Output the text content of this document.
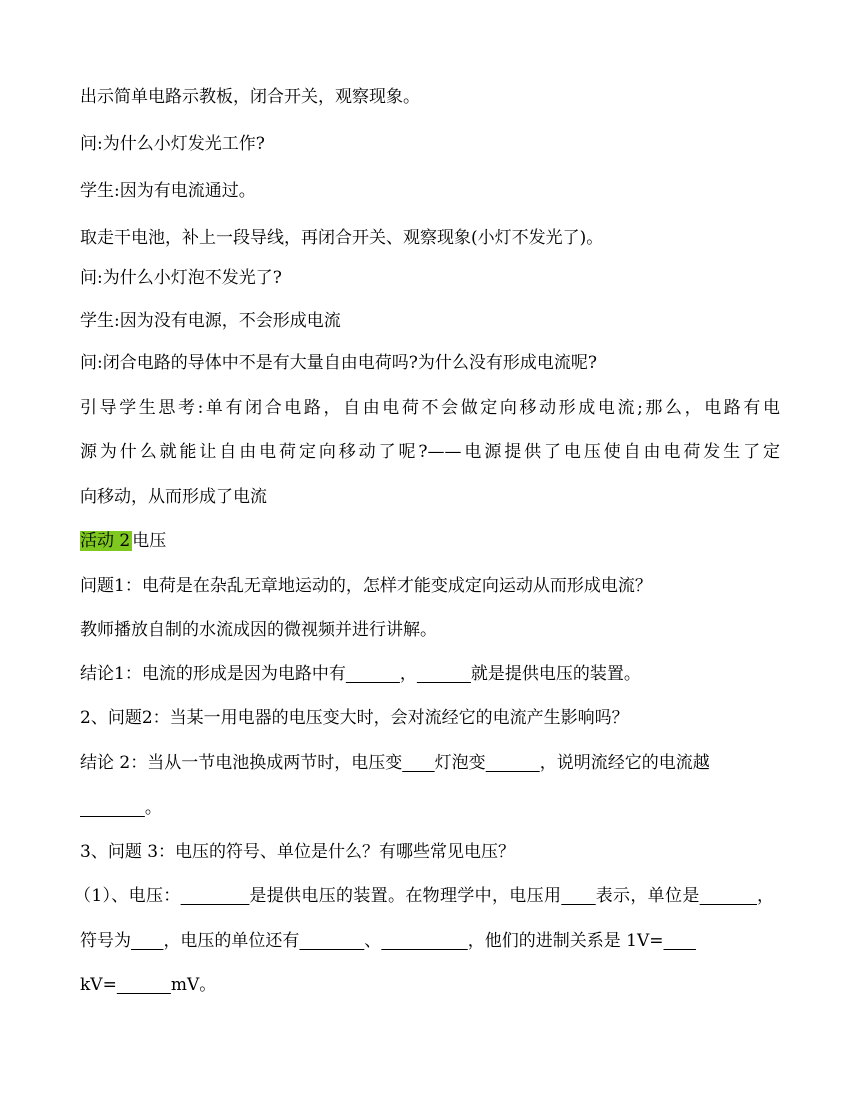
出示简单电路示教板，闭合开关，观察现象。

问:为什么小灯发光工作?

学生:因为有电流通过。

取走干电池，补上一段导线，再闭合开关、观察现象(小灯不发光了)。

问:为什么小灯泡不发光了?

学生:因为没有电源，不会形成电流

问:闭合电路的导体中不是有大量自由电荷吗?为什么没有形成电流呢?

引导学生思考:单有闭合电路，自由电荷不会做定向移动形成电流;那么，电路有电

源为什么就能让自由电荷定向移动了呢?——电源提供了电压使自由电荷发生了定

向移动，从而形成了电流

活动 2 电压

问题1：电荷是在杂乱无章地运动的，怎样才能变成定向运动从而形成电流？

教师播放自制的水流成因的微视频并进行讲解。

结论1：电流的形成是因为电路中有	，	就是提供电压的装置。

2、问题2：当某一用电器的电压变大时，会对流经它的电流产生影响吗？

结论 2：当从一节电池换成两节时，电压变 灯泡变	，说明流经它的电流越

。

3、问题 3：电压的符号、单位是什么？有哪些常见电压？

（1）、电压：	是提供电压的装置。在物理学中，电压用 表示，单位是	，

符号为 ，电压的单位还有	、	，他们的进制关系是 1V=

kV=	mV。
